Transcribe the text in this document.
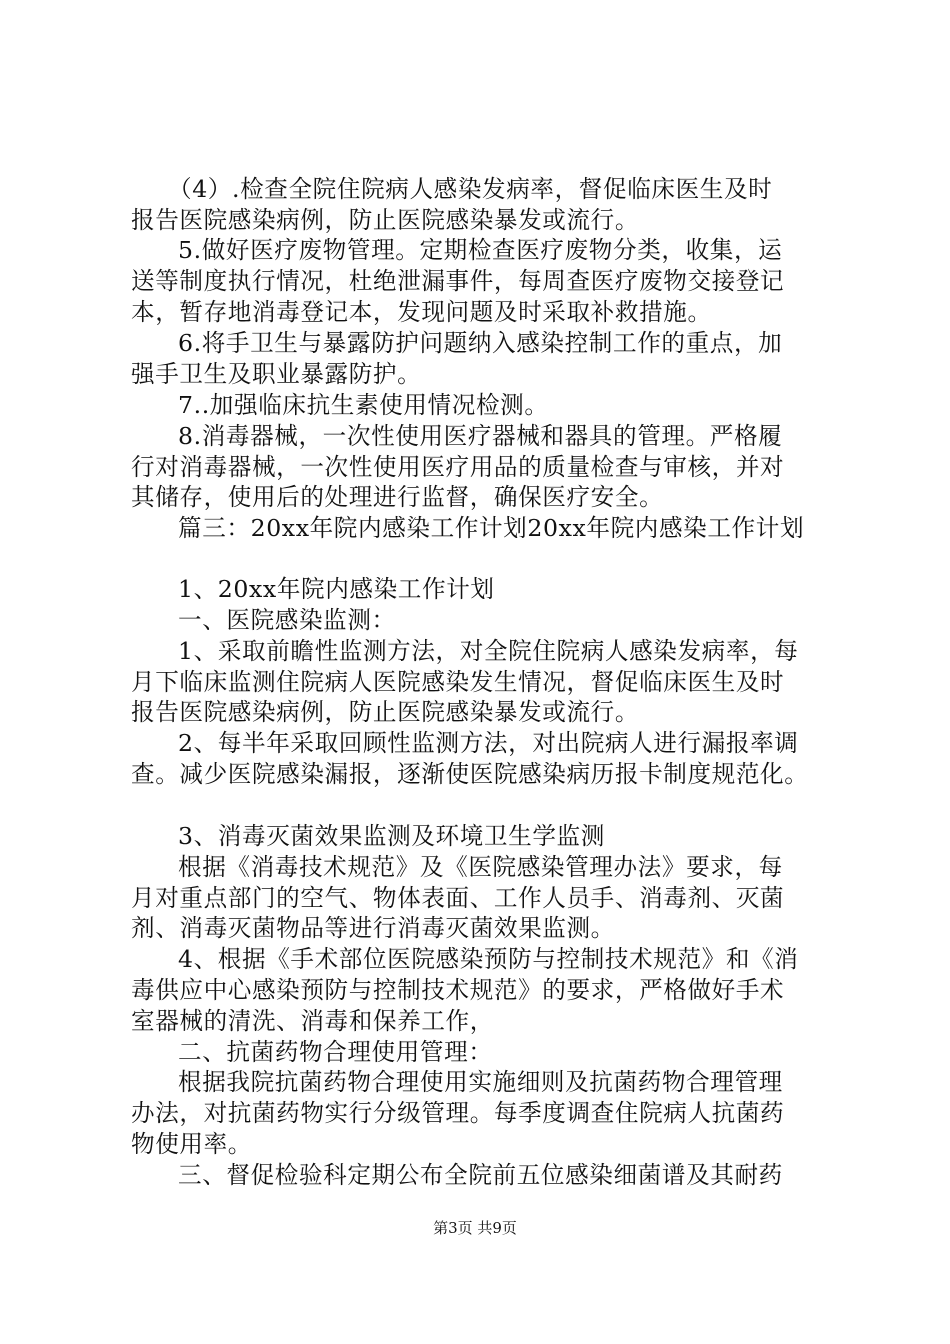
（4）.检查全院住院病人感染发病率，督促临床医生及时
报告医院感染病例，防止医院感染暴发或流行。
5.做好医疗废物管理。定期检查医疗废物分类，收集，运
送等制度执行情况，杜绝泄漏事件，每周查医疗废物交接登记
本，暂存地消毒登记本，发现问题及时采取补救措施。
6.将手卫生与暴露防护问题纳入感染控制工作的重点，加
强手卫生及职业暴露防护。
7..加强临床抗生素使用情况检测。
8.消毒器械，一次性使用医疗器械和器具的管理。严格履
行对消毒器械，一次性使用医疗用品的质量检查与审核，并对
其储存，使用后的处理进行监督，确保医疗安全。
篇三：20xx年院内感染工作计划20xx年院内感染工作计划
1、20xx年院内感染工作计划
一、医院感染监测：
1、采取前瞻性监测方法，对全院住院病人感染发病率，每
月下临床监测住院病人医院感染发生情况，督促临床医生及时
报告医院感染病例，防止医院感染暴发或流行。
2、每半年采取回顾性监测方法，对出院病人进行漏报率调
查。减少医院感染漏报，逐渐使医院感染病历报卡制度规范化。
3、消毒灭菌效果监测及环境卫生学监测
根据《消毒技术规范》及《医院感染管理办法》要求，每
月对重点部门的空气、物体表面、工作人员手、消毒剂、灭菌
剂、消毒灭菌物品等进行消毒灭菌效果监测。
4、根据《手术部位医院感染预防与控制技术规范》和《消
毒供应中心感染预防与控制技术规范》的要求，严格做好手术
室器械的清洗、消毒和保养工作，
二、抗菌药物合理使用管理：
根据我院抗菌药物合理使用实施细则及抗菌药物合理管理
办法，对抗菌药物实行分级管理。每季度调查住院病人抗菌药
物使用率。
三、督促检验科定期公布全院前五位感染细菌谱及其耐药
第3页 共9页
